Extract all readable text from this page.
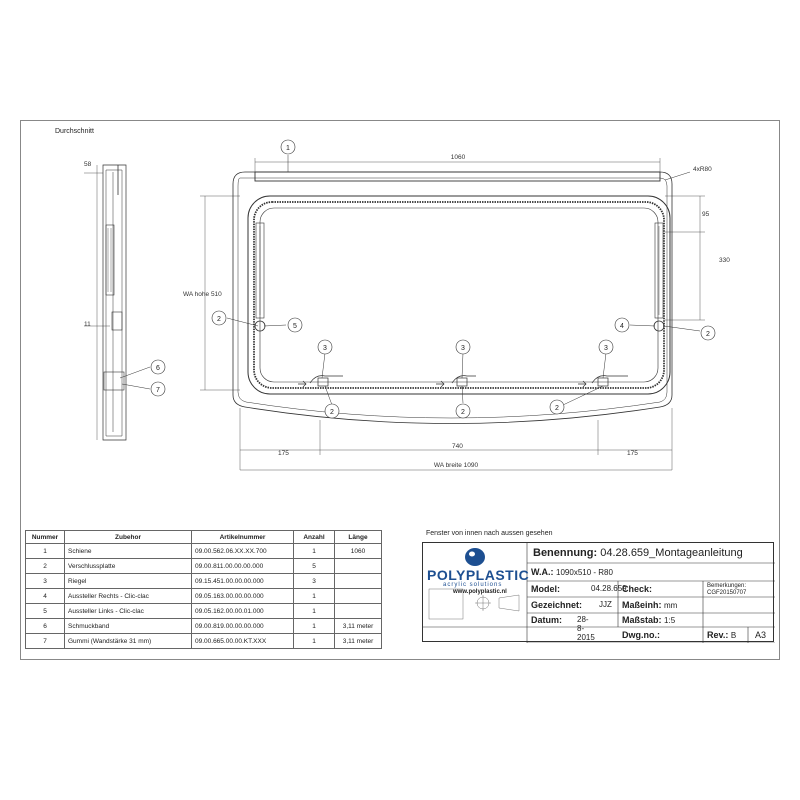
Durchschnitt
1
2
5
3
2
3
2
3
2
4
2
6
7
1060
4xR80
95
330
WA hohe 510
175
740
175
WA breite 1090
58
11
Nummer	Zubehor	Artikelnummer	Anzahl	Länge
1	Schiene	09.00.562.06.XX.XX.700	1	1060
2	Verschlussplatte	09.00.811.00.00.00.000	5	
3	Riegel	09.15.451.00.00.00.000	3	
4	Aussteller Rechts - Clic-clac	09.05.163.00.00.00.000	1	
5	Aussteller Links - Clic-clac	09.05.162.00.00.01.000	1	
6	Schmuckband	09.00.819.00.00.00.000	1	3,11 meter
7	Gummi (Wandstärke 31 mm)	09.00.665.00.00.KT.XXX	1	3,11 meter
Fenster von innen nach aussen gesehen
POLYPLASTIC
acrylic solutions
www.polyplastic.nl
Benennung: 04.28.659_Montageanleitung
W.A.: 1090x510 - R80
Model:	04.28.659
Check:	Bemerkungen:
CGF20150707
Gezeichnet: JJZ Maßeinh: mm
Datum: 28-8-2015
Maßstab: 1:5
Dwg.no.:	Rev.: B A3
